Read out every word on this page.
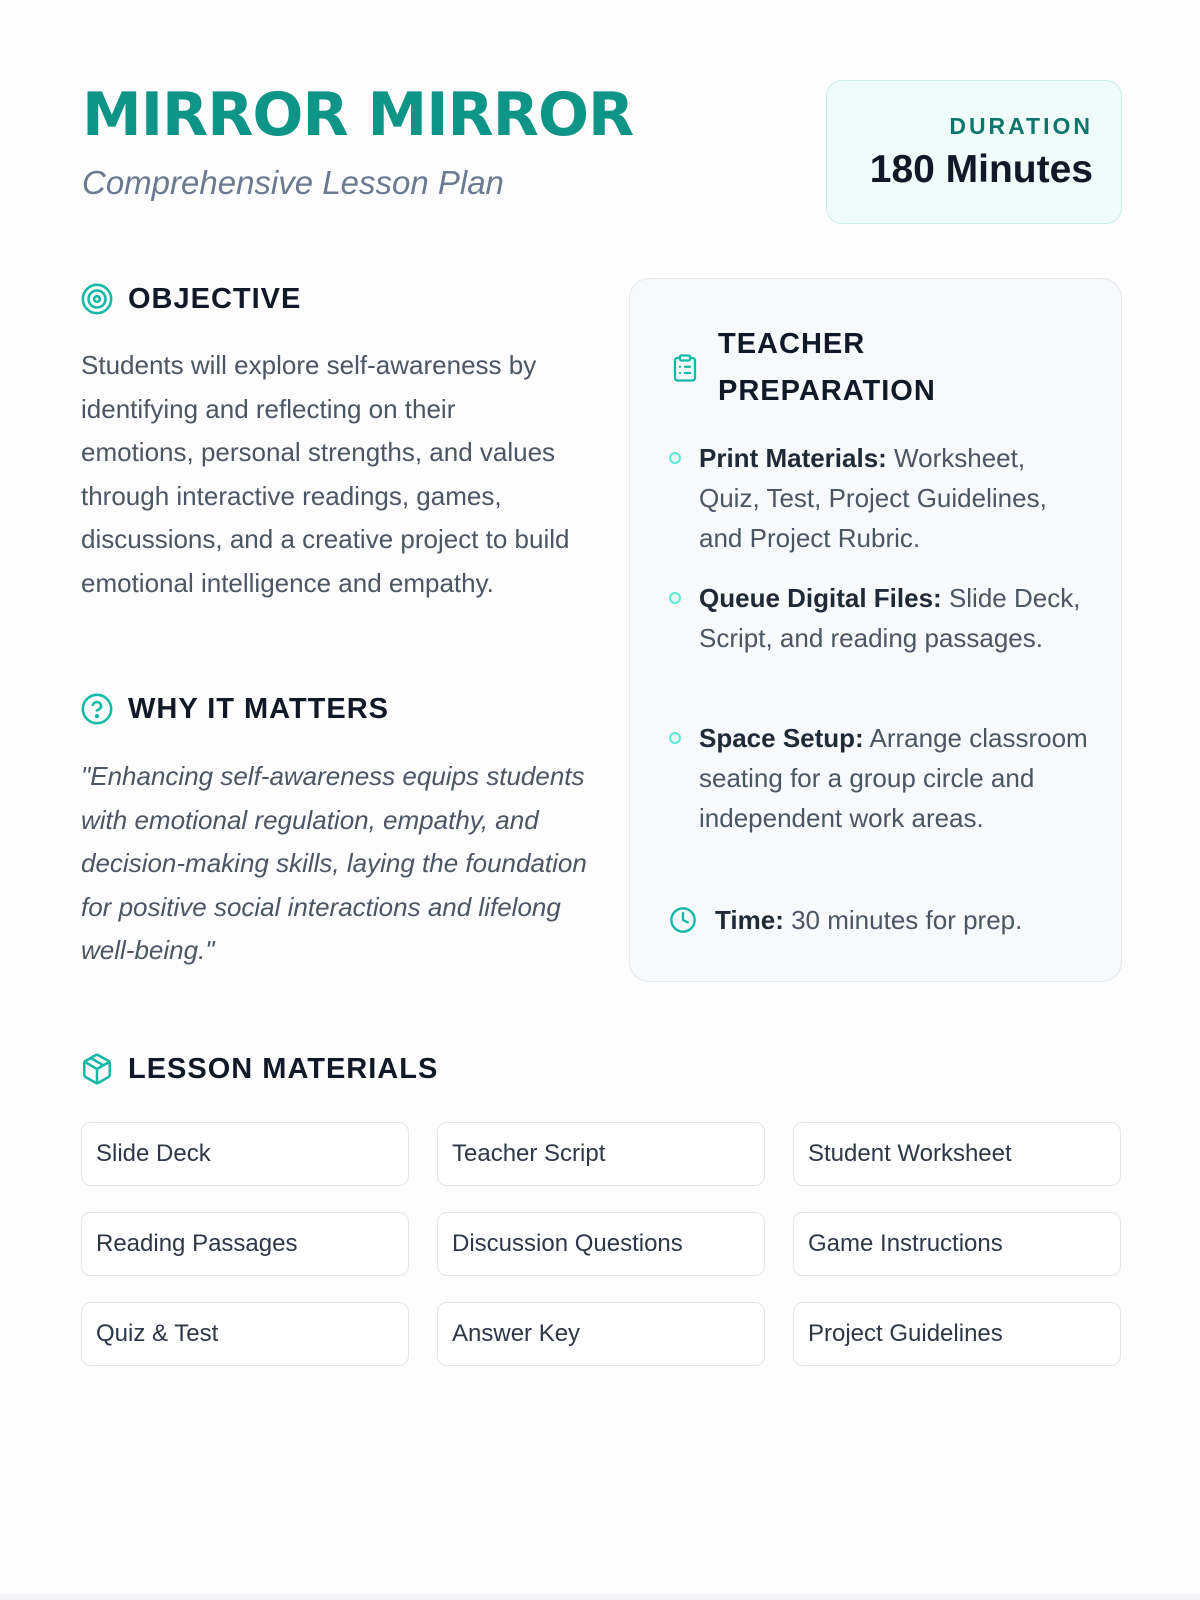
MIRROR MIRROR
Comprehensive Lesson Plan
DURATION
180 Minutes
OBJECTIVE

Students will explore self-awareness by identifying and reflecting on their emotions, personal strengths, and values through interactive readings, games, discussions, and a creative project to build emotional intelligence and empathy.

WHY IT MATTERS

"Enhancing self-awareness equips students with emotional regulation, empathy, and decision-making skills, laying the foundation for positive social interactions and lifelong well-being."

TEACHER PREPARATION
Print Materials: Worksheet, Quiz, Test, Project Guidelines, and Project Rubric.
Queue Digital Files: Slide Deck, Script, and reading passages.
Space Setup: Arrange classroom seating for a group circle and independent work areas.
Time: 30 minutes for prep.
LESSON MATERIALS
Slide Deck	Teacher Script	Student Worksheet
Reading Passages	Discussion Questions	Game Instructions
Quiz & Test	Answer Key	Project Guidelines
